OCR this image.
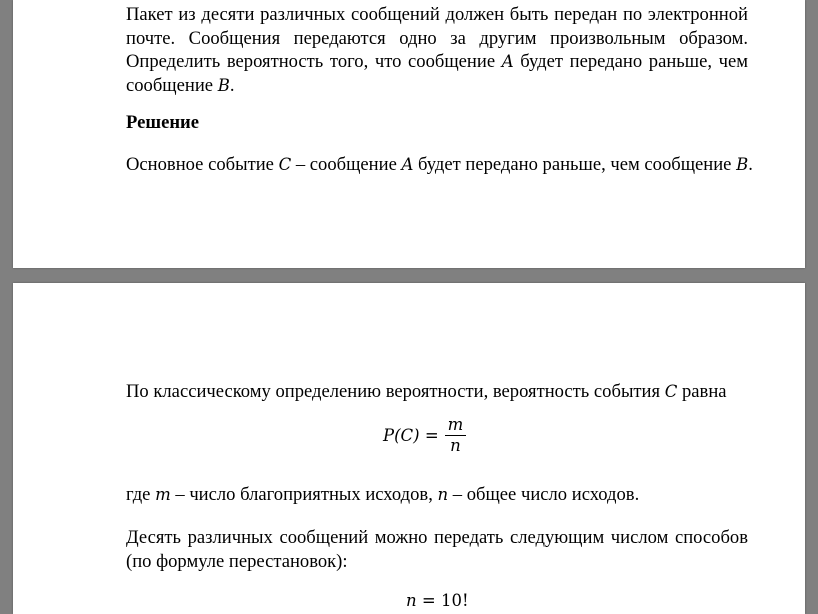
Пакет из десяти различных сообщений должен быть передан по электронной почте. Сообщения передаются одно за другим произвольным образом. Определить вероятность того, что сообщение A будет передано раньше, чем сообщение B.

Решение

Основное событие C – сообщение A будет передано раньше, чем сообщение B.

По классическому определению вероятности, вероятность события C равна

$P(C) = \frac{m}{n}$

где m – число благоприятных исходов, n – общее число исходов.

Десять различных сообщений можно передать следующим числом способов (по формуле перестановок):

n = 10!
